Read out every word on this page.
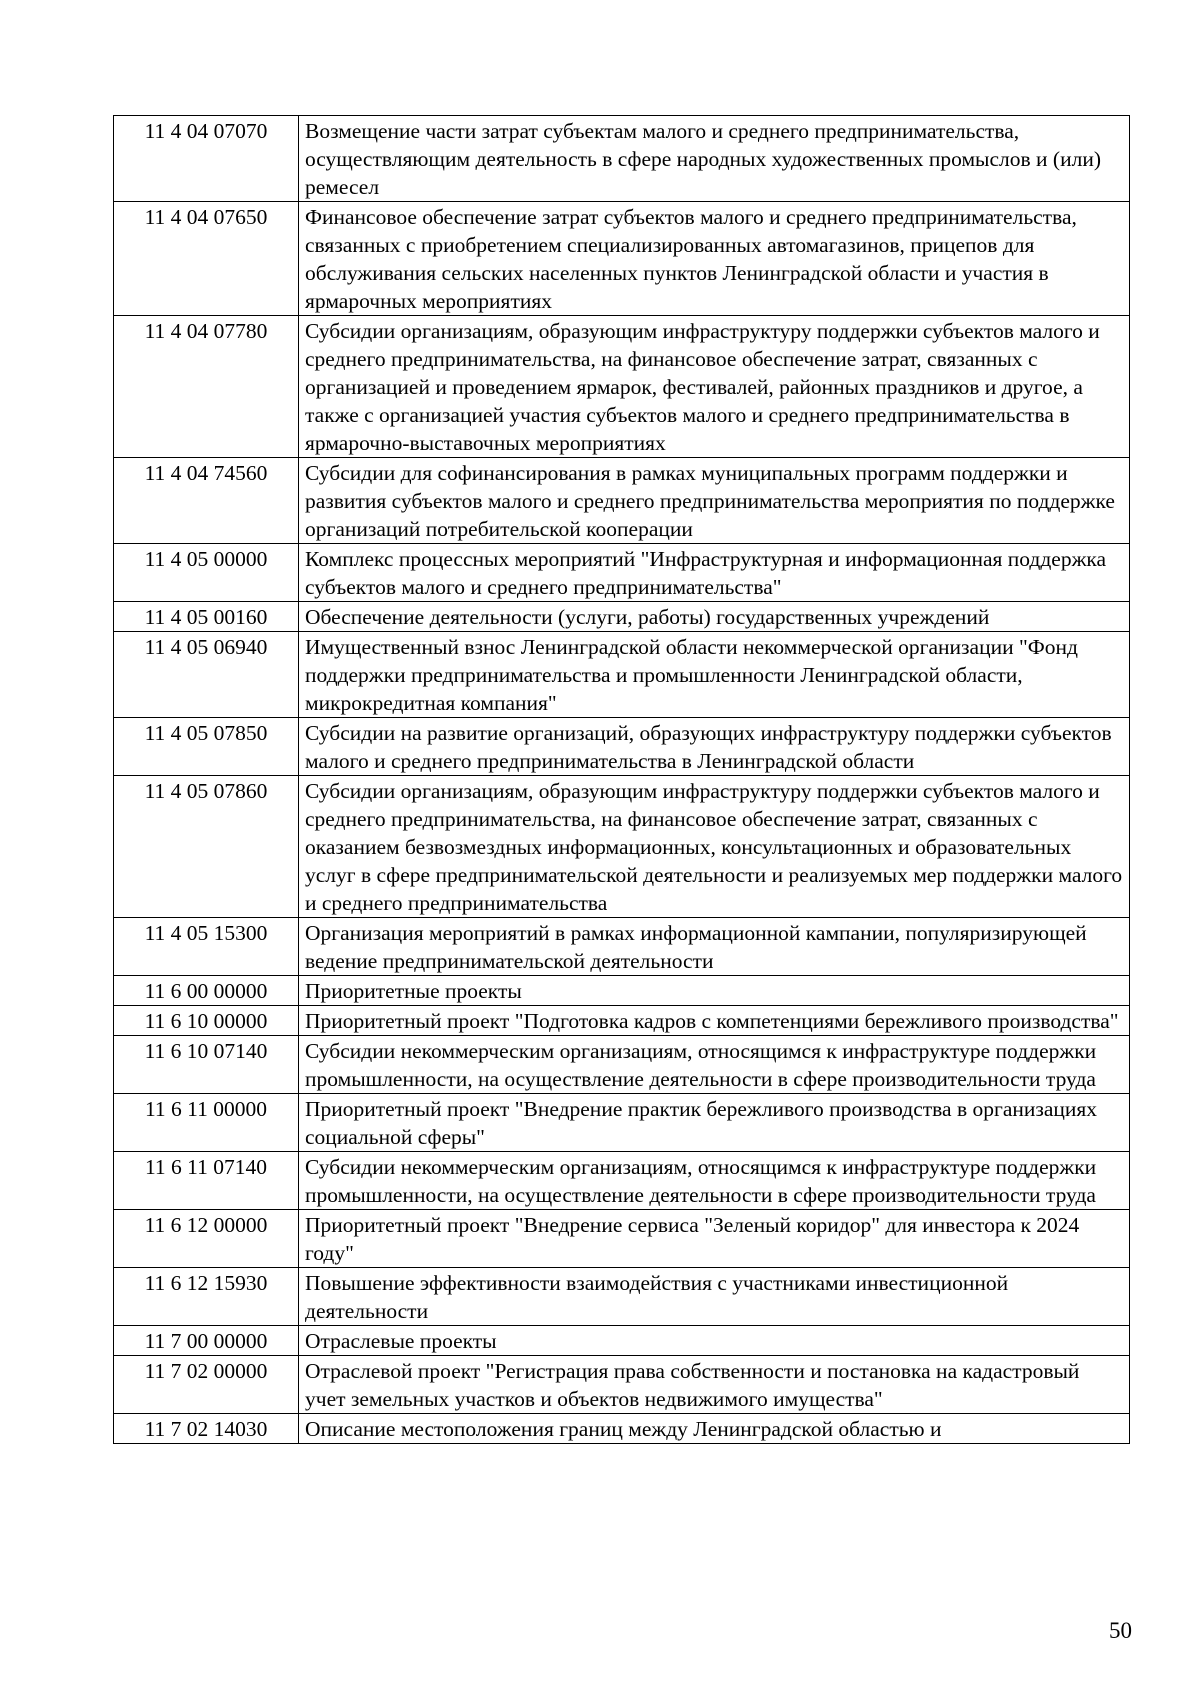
11 4 04 07070	Возмещение части затрат субъектам малого и среднего предпринимательства, осуществляющим деятельность в сфере народных художественных промыслов и (или) ремесел
11 4 04 07650	Финансовое обеспечение затрат субъектов малого и среднего предпринимательства, связанных с приобретением специализированных автомагазинов, прицепов для обслуживания сельских населенных пунктов Ленинградской области и участия в ярмарочных мероприятиях
11 4 04 07780	Субсидии организациям, образующим инфраструктуру поддержки субъектов малого и среднего предпринимательства, на финансовое обеспечение затрат, связанных с организацией и проведением ярмарок, фестивалей, районных праздников и другое, а также с организацией участия субъектов малого и среднего предпринимательства в ярмарочно-выставочных мероприятиях
11 4 04 74560	Субсидии для софинансирования в рамках муниципальных программ поддержки и развития субъектов малого и среднего предпринимательства мероприятия по поддержке организаций потребительской кооперации
11 4 05 00000	Комплекс процессных мероприятий "Инфраструктурная и информационная поддержка субъектов малого и среднего предпринимательства"
11 4 05 00160	Обеспечение деятельности (услуги, работы) государственных учреждений
11 4 05 06940	Имущественный взнос Ленинградской области некоммерческой организации "Фонд поддержки предпринимательства и промышленности Ленинградской области, микрокредитная компания"
11 4 05 07850	Субсидии на развитие организаций, образующих инфраструктуру поддержки субъектов малого и среднего предпринимательства в Ленинградской области
11 4 05 07860	Субсидии организациям, образующим инфраструктуру поддержки субъектов малого и среднего предпринимательства, на финансовое обеспечение затрат, связанных с оказанием безвозмездных информационных, консультационных и образовательных услуг в сфере предпринимательской деятельности и реализуемых мер поддержки малого и среднего предпринимательства
11 4 05 15300	Организация мероприятий в рамках информационной кампании, популяризирующей ведение предпринимательской деятельности
11 6 00 00000	Приоритетные проекты
11 6 10 00000	Приоритетный проект "Подготовка кадров с компетенциями бережливого производства"
11 6 10 07140	Субсидии некоммерческим организациям, относящимся к инфраструктуре поддержки промышленности, на осуществление деятельности в сфере производительности труда
11 6 11 00000	Приоритетный проект "Внедрение практик бережливого производства в организациях социальной сферы"
11 6 11 07140	Субсидии некоммерческим организациям, относящимся к инфраструктуре поддержки промышленности, на осуществление деятельности в сфере производительности труда
11 6 12 00000	Приоритетный проект "Внедрение сервиса "Зеленый коридор" для инвестора к 2024 году"
11 6 12 15930	Повышение эффективности взаимодействия с участниками инвестиционной деятельности
11 7 00 00000	Отраслевые проекты
11 7 02 00000	Отраслевой проект "Регистрация права собственности и постановка на кадастровый учет земельных участков и объектов недвижимого имущества"
11 7 02 14030	Описание местоположения границ между Ленинградской областью и
50
